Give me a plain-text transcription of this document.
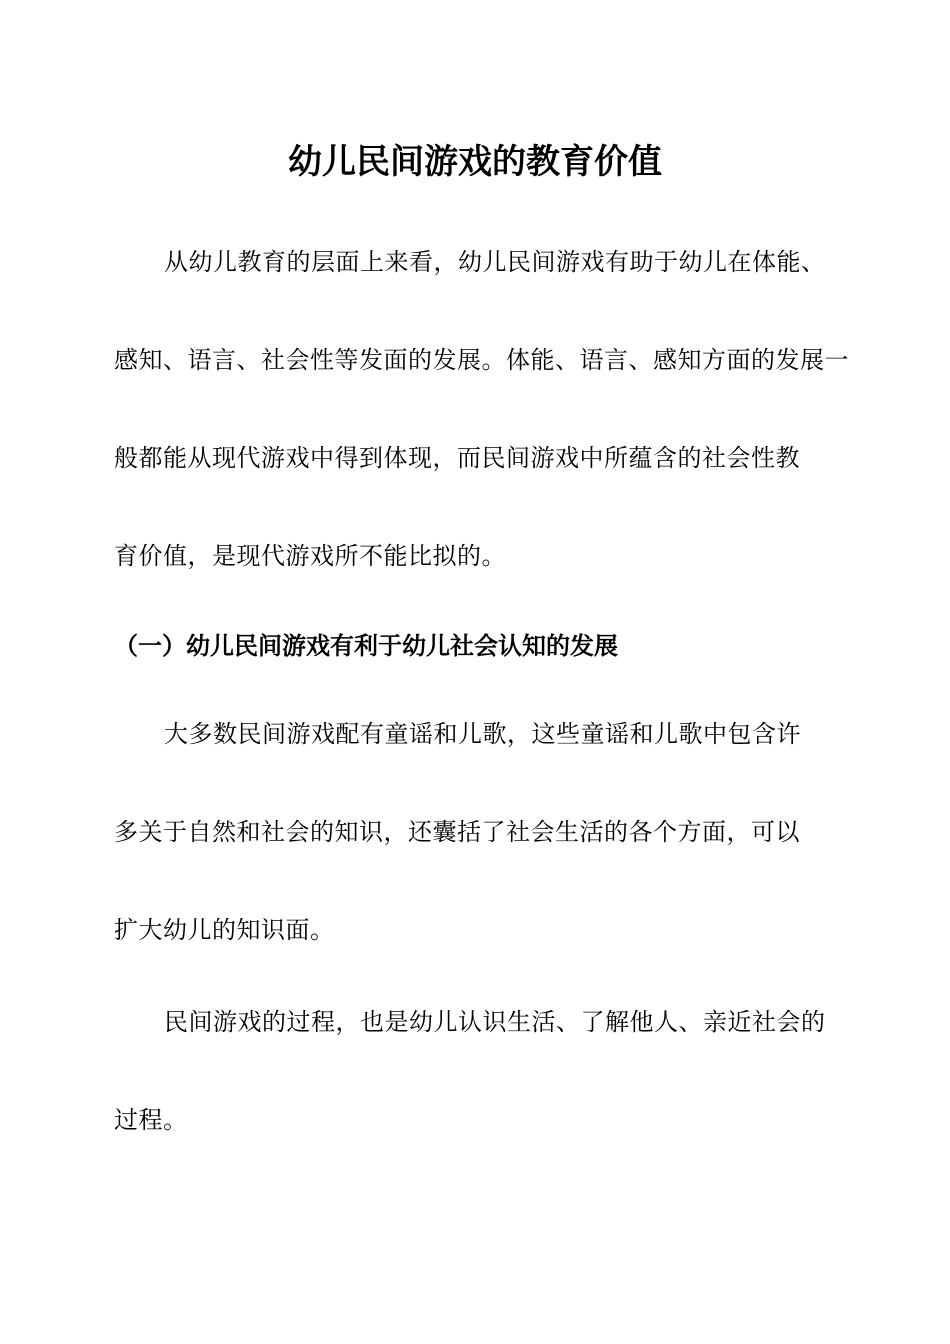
幼儿民间游戏的教育价值

从幼儿教育的层面上来看，幼儿民间游戏有助于幼儿在体能、

感知、语言、社会性等发面的发展。体能、语言、感知方面的发展一

般都能从现代游戏中得到体现，而民间游戏中所蕴含的社会性教

育价值，是现代游戏所不能比拟的。

（一）幼儿民间游戏有利于幼儿社会认知的发展

大多数民间游戏配有童谣和儿歌，这些童谣和儿歌中包含许

多关于自然和社会的知识，还囊括了社会生活的各个方面，可以

扩大幼儿的知识面。

民间游戏的过程，也是幼儿认识生活、了解他人、亲近社会的

过程。
